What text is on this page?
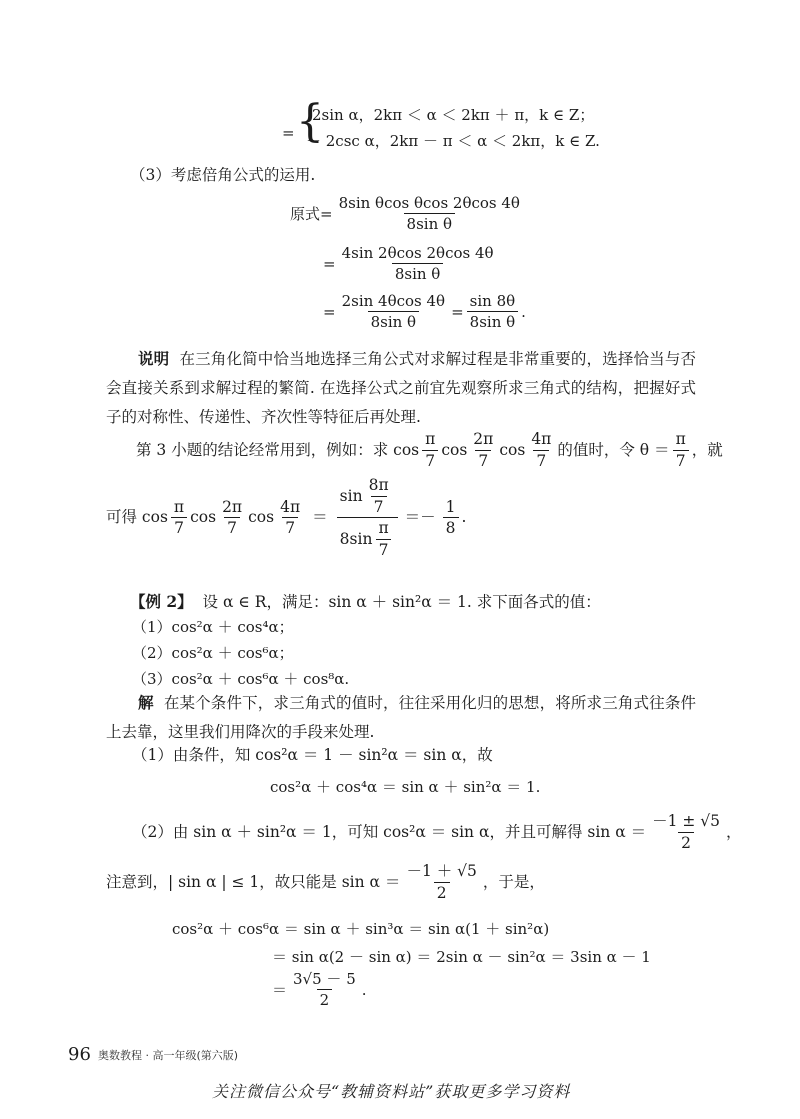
= {
2sin α，2kπ ＜ α ＜ 2kπ ＋ π，k ∈ Z；
－ 2csc α，2kπ － π ＜ α ＜ 2kπ，k ∈ Z.
（3）考虑倍角公式的运用.
原式 = $\frac{\text{8sin θcos θcos 2θcos 4θ}}{\text{8sin θ}}$
= $\frac{4\sin 2\theta\cos 2\theta\cos 4\theta}{\text{8sin θ}}$
= $\frac{2\sin 4\theta\cos 4\theta}{\text{8sin θ}} = \frac{\sin 8\theta}{\text{8sin θ}}$ .
说明 在三角化简中恰当地选择三角公式对求解过程是非常重要的，选择恰当与否会直接关系到求解过程的繁简. 在选择公式之前宜先观察所求三角式的结构，把握好式子的对称性、传递性、齐次性等特征后再处理.
第 3 小题的结论经常用到，例如：求 $\cos \frac{\pi}{7}$ $\cos \frac{2\pi}{7}$ $\cos \frac{4\pi}{7}$ 的值时，令 $\theta = \frac{\pi}{7}$ ，就
可得 $\cos \frac{\pi}{7}$ $\cos \frac{2\pi}{7}$ $\cos \frac{4\pi}{7} = \frac{\sin \frac{8\pi}{7}}{8\sin \frac{\pi}{7}} =- \frac{1}{8}$ .
【例 2】 设 α ∈ R，满足：sin α ＋ sin²α ＝ 1. 求下面各式的值：
（1）cos²α ＋ cos⁴α；
（2）cos²α ＋ cos⁶α；
（3）cos²α ＋ cos⁶α ＋ cos⁸α.
解 在某个条件下，求三角式的值时，往往采用化归的思想，将所求三角式往条件上去靠，这里我们用降次的手段来处理.
（1）由条件，知 cos²α ＝ 1 － sin²α ＝ sin α，故
cos²α ＋ cos⁴α ＝ sin α ＋ sin²α ＝ 1.
（2）由 sin α ＋ sin²α ＝ 1，可知 cos²α ＝ sin α，并且可解得 $\sin \alpha = \frac{-1 \pm √5}{2}$ ，
注意到，| sin α | ≤ 1，故只能是 $\sin \alpha = \frac{-1 + √5}{2}$ ，于是，
cos²α ＋ cos⁶α ＝ sin α ＋ sin³α ＝ sin α(1 ＋ sin²α)
＝ sin α(2 － sin α) ＝ 2sin α － sin²α ＝ 3sin α － 1
＝ $\frac{3√5 - 5}{2}$ .
96 奥数教程 · 高一年级(第六版)
关注微信公众号“教辅资料站”获取更多学习资料
